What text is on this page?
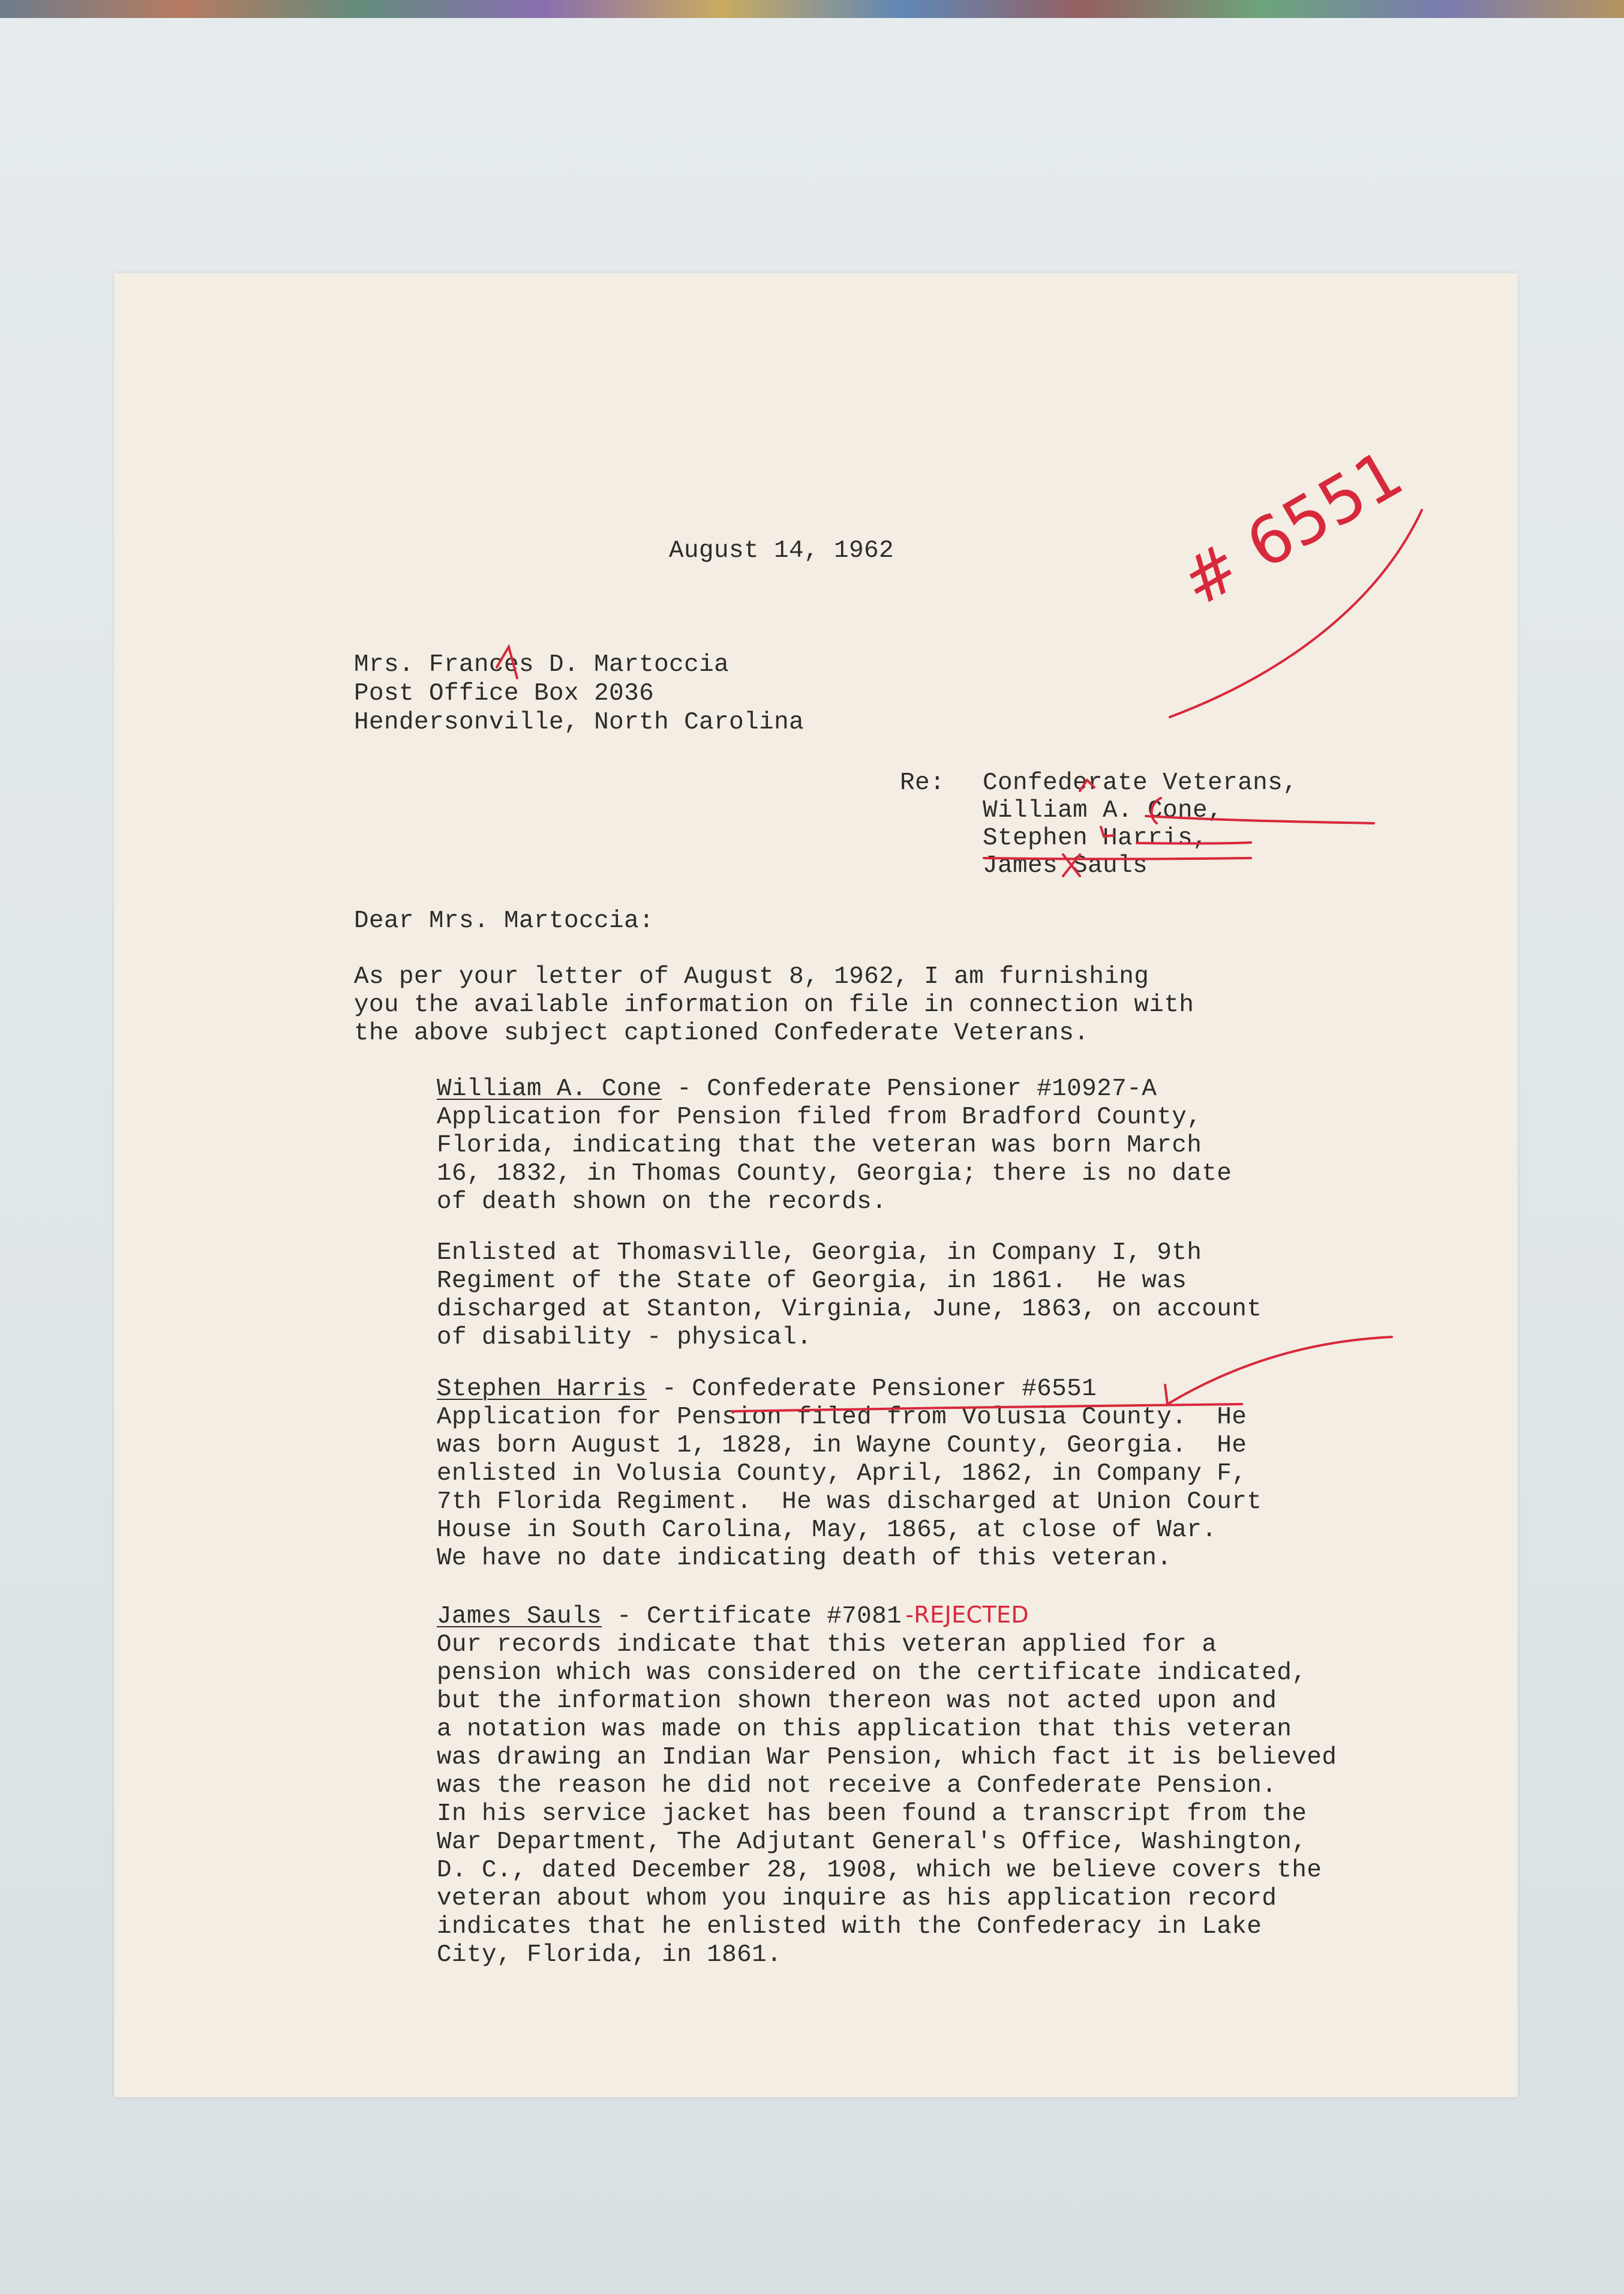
August 14, 1962
Mrs. Frances D. Martoccia
Post Office Box 2036
Hendersonville, North Carolina
Re: Confederate Veterans,
William A. Cone,
Stephen Harris,
James Sauls
Dear Mrs. Martoccia:
As per your letter of August 8, 1962, I am furnishing
you the available information on file in connection with
the above subject captioned Confederate Veterans.
William A. Cone - Confederate Pensioner #10927-A
Application for Pension filed from Bradford County,
Florida, indicating that the veteran was born March
16, 1832, in Thomas County, Georgia; there is no date
of death shown on the records.
Enlisted at Thomasville, Georgia, in Company I, 9th
Regiment of the State of Georgia, in 1861.  He was
discharged at Stanton, Virginia, June, 1863, on account
of disability - physical.
Stephen Harris - Confederate Pensioner #6551
Application for Pension filed from Volusia County.  He
was born August 1, 1828, in Wayne County, Georgia.  He
enlisted in Volusia County, April, 1862, in Company F,
7th Florida Regiment.  He was discharged at Union Court
House in South Carolina, May, 1865, at close of War.
We have no date indicating death of this veteran.
James Sauls - Certificate #7081 -REJECTED
Our records indicate that this veteran applied for a
pension which was considered on the certificate indicated,
but the information shown thereon was not acted upon and
a notation was made on this application that this veteran
was drawing an Indian War Pension, which fact it is believed
was the reason he did not receive a Confederate Pension.
In his service jacket has been found a transcript from the
War Department, The Adjutant General's Office, Washington,
D. C., dated December 28, 1908, which we believe covers the
veteran about whom you inquire as his application record
indicates that he enlisted with the Confederacy in Lake
City, Florida, in 1861.
# 6551
